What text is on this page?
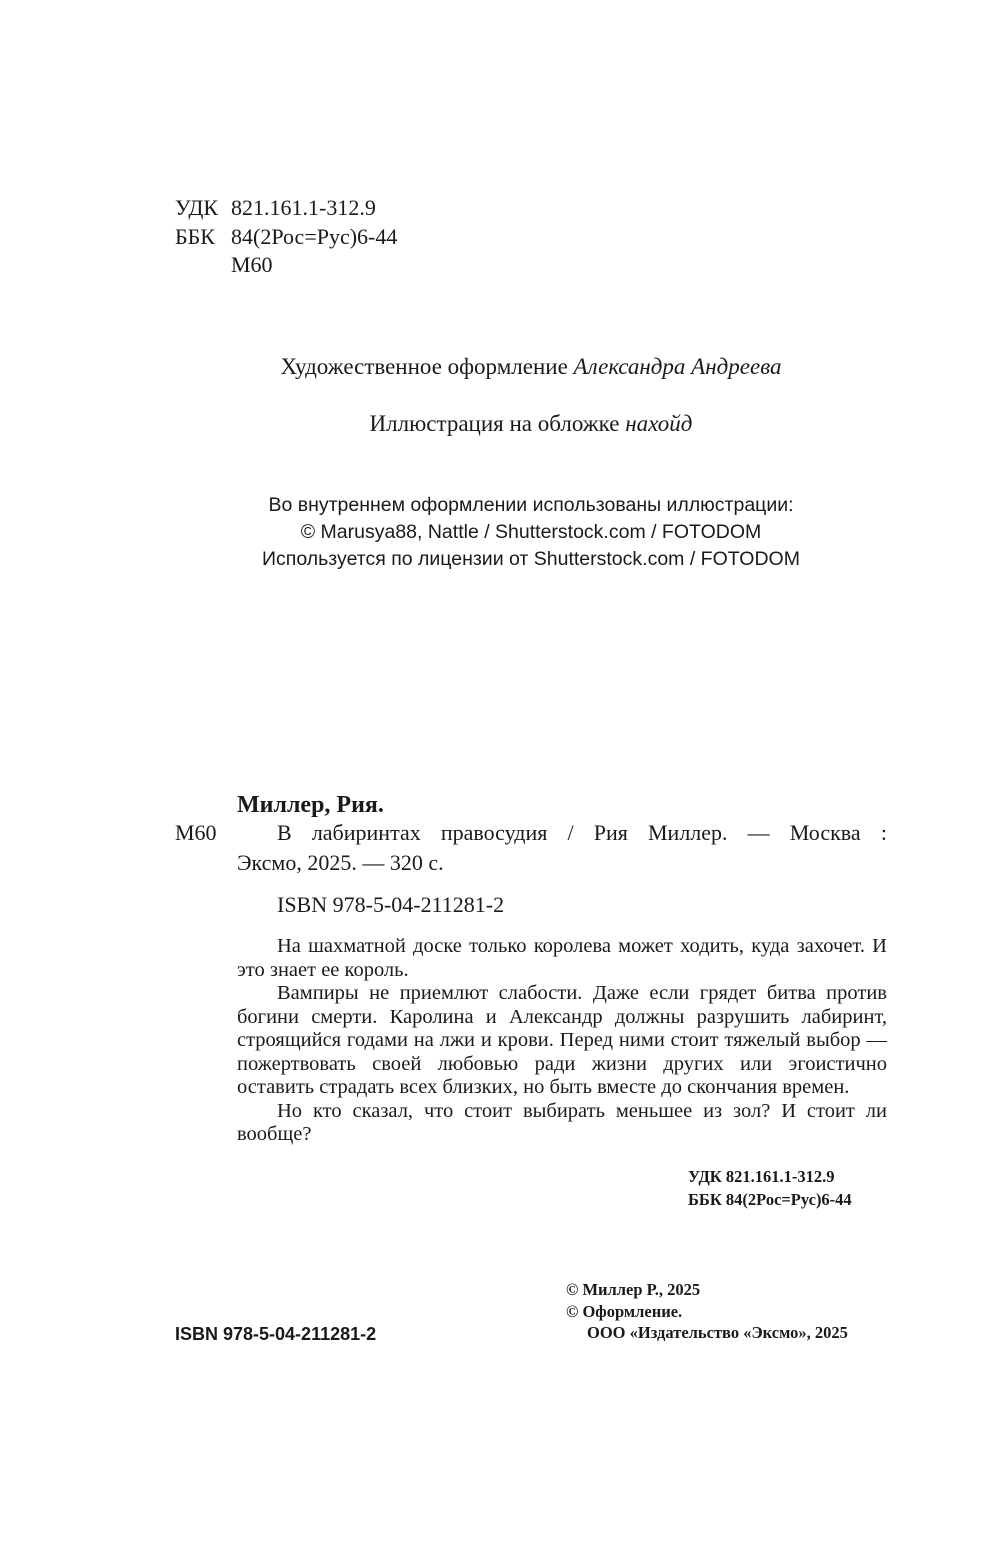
УДК 821.161.1-312.9
ББК 84(2Рос=Рус)6-44
М60
Художественное оформление Александра Андреева
Иллюстрация на обложке нахойд
Во внутреннем оформлении использованы иллюстрации:
© Marusya88, Nattle / Shutterstock.com / FOTODOM
Используется по лицензии от Shutterstock.com / FOTODOM
Миллер, Рия.
М60	В лабиринтах правосудия / Рия Миллер. — Москва :
Эксмо, 2025. — 320 с.
ISBN 978-5-04-211281-2

На шахматной доске только королева может ходить, куда захочет. И это знает ее король.

Вампиры не приемлют слабости. Даже если грядет битва против богини смерти. Каролина и Александр должны разрушить лабиринт, строящийся годами на лжи и крови. Перед ними стоит тяжелый выбор — пожертвовать своей любовью ради жизни других или эгоистично оставить страдать всех близких, но быть вместе до скончания времен.

Но кто сказал, что стоит выбирать меньшее из зол? И стоит ли вообще?

УДК 821.161.1-312.9
ББК 84(2Рос=Рус)6-44
© Миллер Р., 2025
© Оформление.
ООО «Издательство «Эксмо», 2025
ISBN 978-5-04-211281-2
